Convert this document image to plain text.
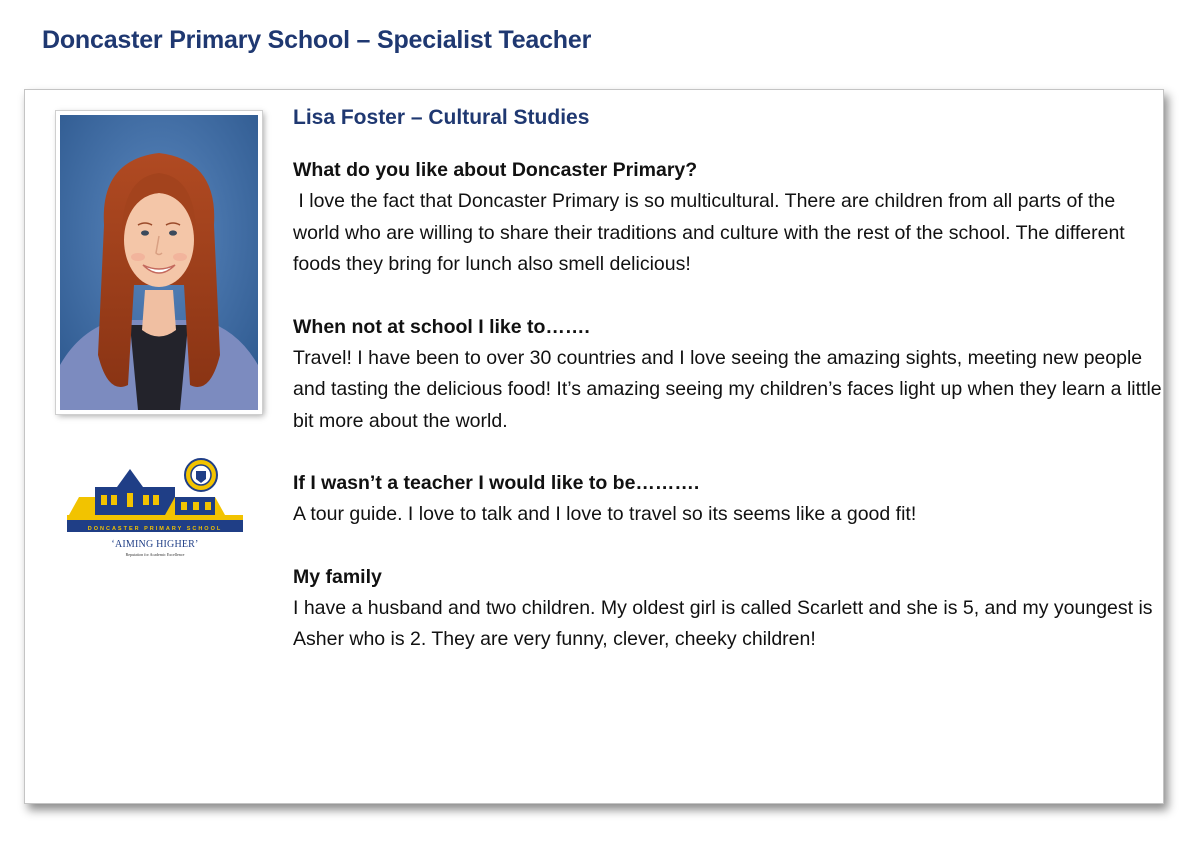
Doncaster Primary School – Specialist Teacher
DONCASTER PRIMARY SCHOOL
‘AIMING HIGHER’
Reputation for Academic Excellence
Lisa Foster – Cultural Studies
What do you like about Doncaster Primary?
I love the fact that Doncaster Primary is so multicultural. There are children from all parts of the world who are willing to share their traditions and culture with the rest of the school. The different foods they bring for lunch also smell delicious!
When not at school I like to…….
Travel! I have been to over 30 countries and I love seeing the amazing sights, meeting new people and tasting the delicious food! It’s amazing seeing my children’s faces light up when they learn a little bit more about the world.
If I wasn’t a teacher I would like to be……….
A tour guide. I love to talk and I love to travel so its seems like a good fit!
My family
I have a husband and two children. My oldest girl is called Scarlett and she is 5, and my youngest is Asher who is 2. They are very funny, clever, cheeky children!
